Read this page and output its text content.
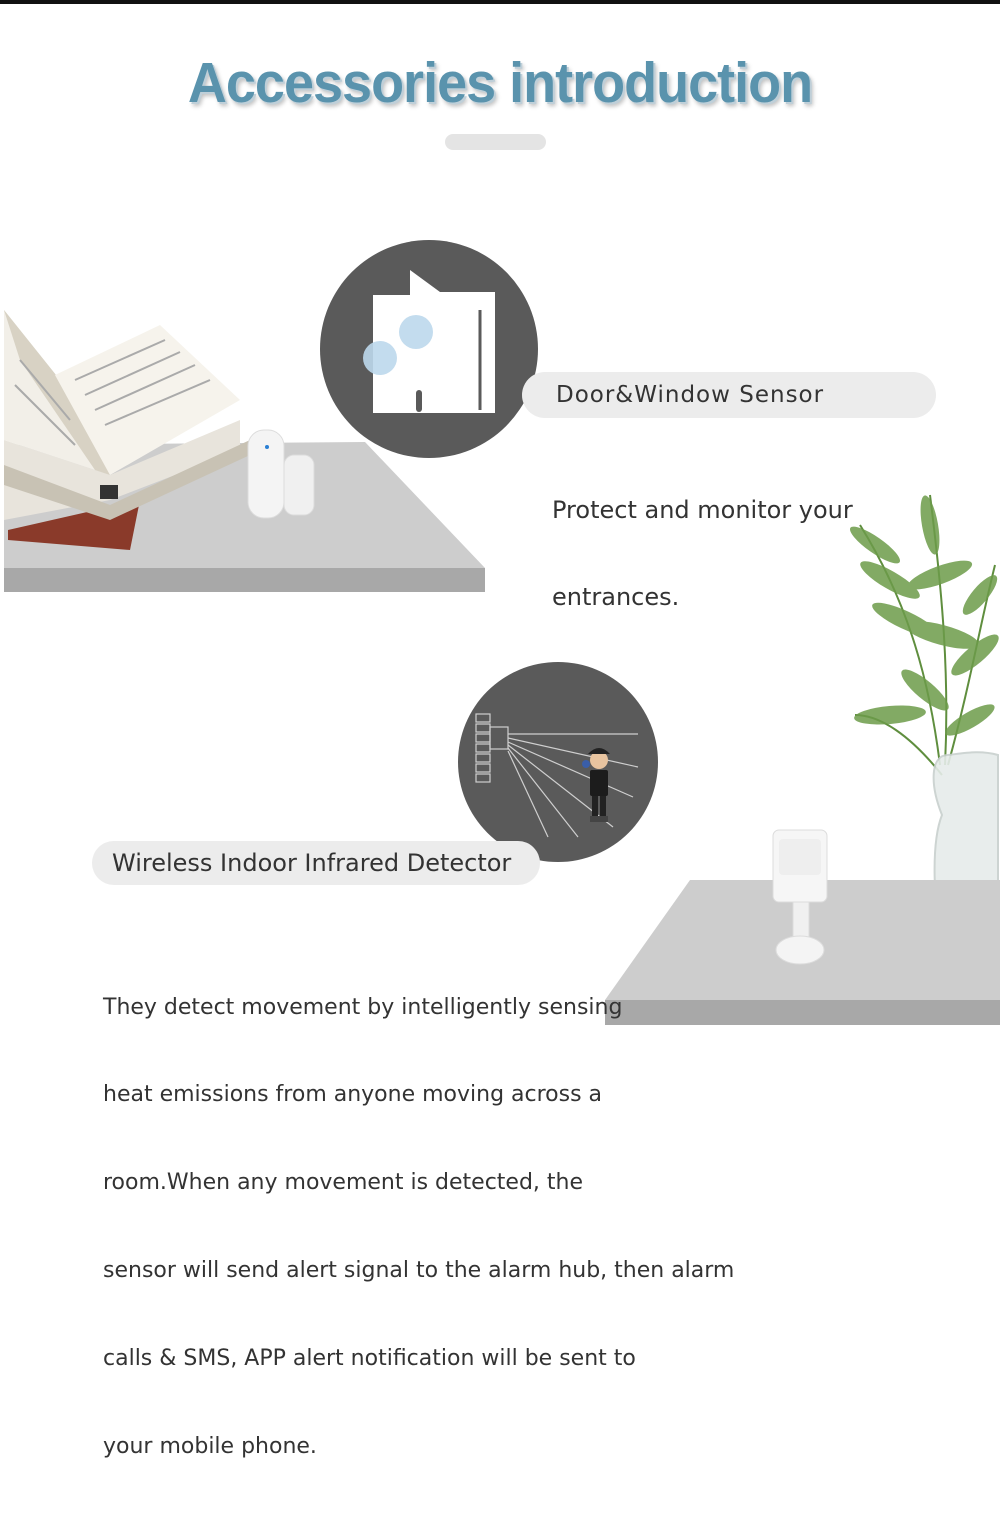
Accessories introduction
Door&Window Sensor

Protect and monitor your

entrances.

Wireless Indoor Infrared Detector

They detect movement by intelligently sensing

heat emissions from anyone moving across a

room.When any movement is detected, the

sensor will send alert signal to the alarm hub, then alarm

calls & SMS, APP alert notification will be sent to

your mobile phone.
